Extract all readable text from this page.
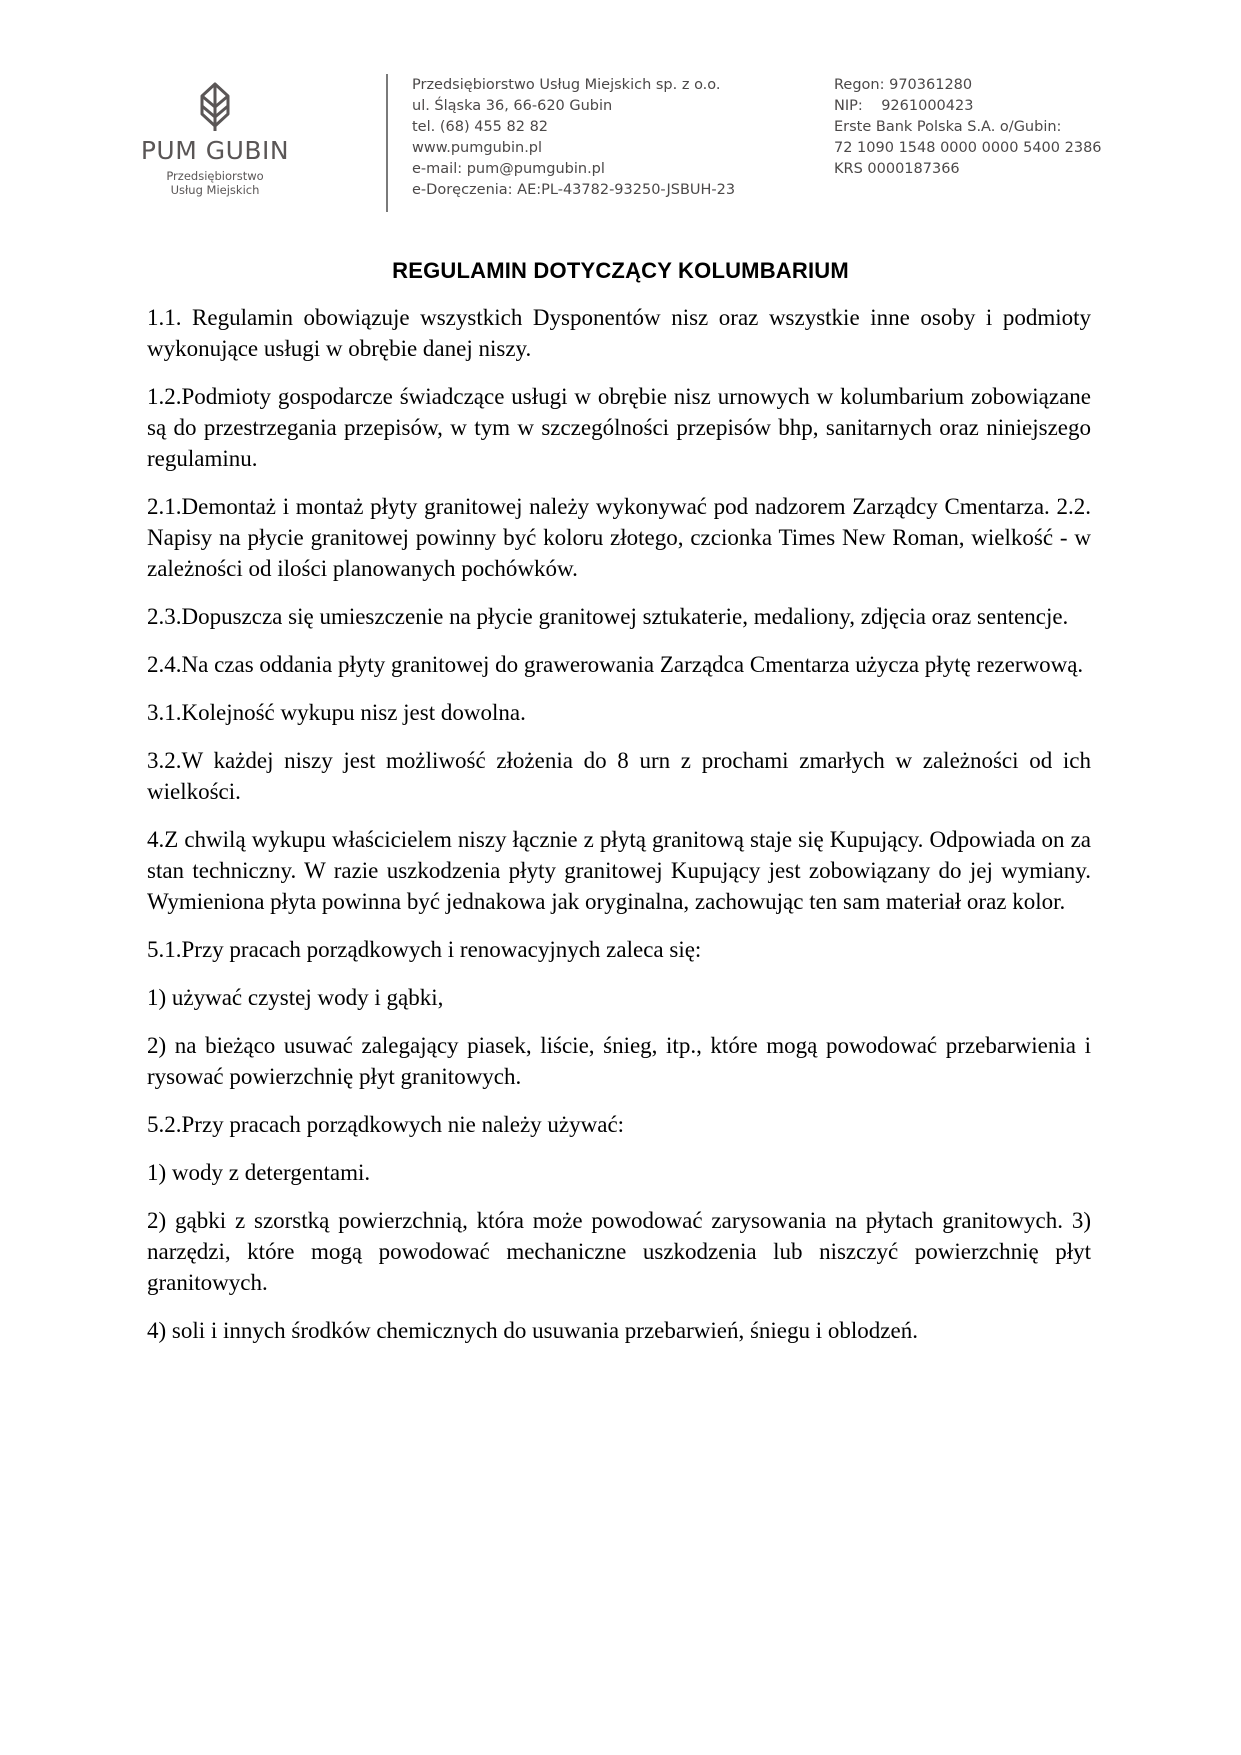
PUM GUBIN
Przedsiębiorstwo
Usług Miejskich
Przedsiębiorstwo Usług Miejskich sp. z o.o.
ul. Śląska 36, 66-620 Gubin
tel. (68) 455 82 82
www.pumgubin.pl
e-mail: pum@pumgubin.pl
e-Doręczenia: AE:PL-43782-93250-JSBUH-23
Regon: 970361280
NIP:    9261000423
Erste Bank Polska S.A. o/Gubin:
72 1090 1548 0000 0000 5400 2386
KRS 0000187366
REGULAMIN DOTYCZĄCY KOLUMBARIUM

1.1. Regulamin obowiązuje wszystkich Dysponentów nisz oraz wszystkie inne osoby i podmioty wykonujące usługi w obrębie danej niszy.

1.2.Podmioty gospodarcze świadczące usługi w obrębie nisz urnowych w kolumbarium zobowiązane są do przestrzegania przepisów, w tym w szczególności przepisów bhp, sanitarnych oraz niniejszego regulaminu.

2.1.Demontaż i montaż płyty granitowej należy wykonywać pod nadzorem Zarządcy Cmentarza. 2.2. Napisy na płycie granitowej powinny być koloru złotego, czcionka Times New Roman, wielkość - w zależności od ilości planowanych pochówków.

2.3.Dopuszcza się umieszczenie na płycie granitowej sztukaterie, medaliony, zdjęcia oraz sentencje.

2.4.Na czas oddania płyty granitowej do grawerowania Zarządca Cmentarza użycza płytę rezerwową.

3.1.Kolejność wykupu nisz jest dowolna.

3.2.W każdej niszy jest możliwość złożenia do 8 urn z prochami zmarłych w zależności od ich wielkości.

4.Z chwilą wykupu właścicielem niszy łącznie z płytą granitową staje się Kupujący. Odpowiada on za stan techniczny. W razie uszkodzenia płyty granitowej Kupujący jest zobowiązany do jej wymiany. Wymieniona płyta powinna być jednakowa jak oryginalna, zachowując ten sam materiał oraz kolor.

5.1.Przy pracach porządkowych i renowacyjnych zaleca się:

1) używać czystej wody i gąbki,

2) na bieżąco usuwać zalegający piasek, liście, śnieg, itp., które mogą powodować przebarwienia i rysować powierzchnię płyt granitowych.

5.2.Przy pracach porządkowych nie należy używać:

1) wody z detergentami.

2) gąbki z szorstką powierzchnią, która może powodować zarysowania na płytach granitowych. 3) narzędzi, które mogą powodować mechaniczne uszkodzenia lub niszczyć powierzchnię płyt granitowych.

4) soli i innych środków chemicznych do usuwania przebarwień, śniegu i oblodzeń.
